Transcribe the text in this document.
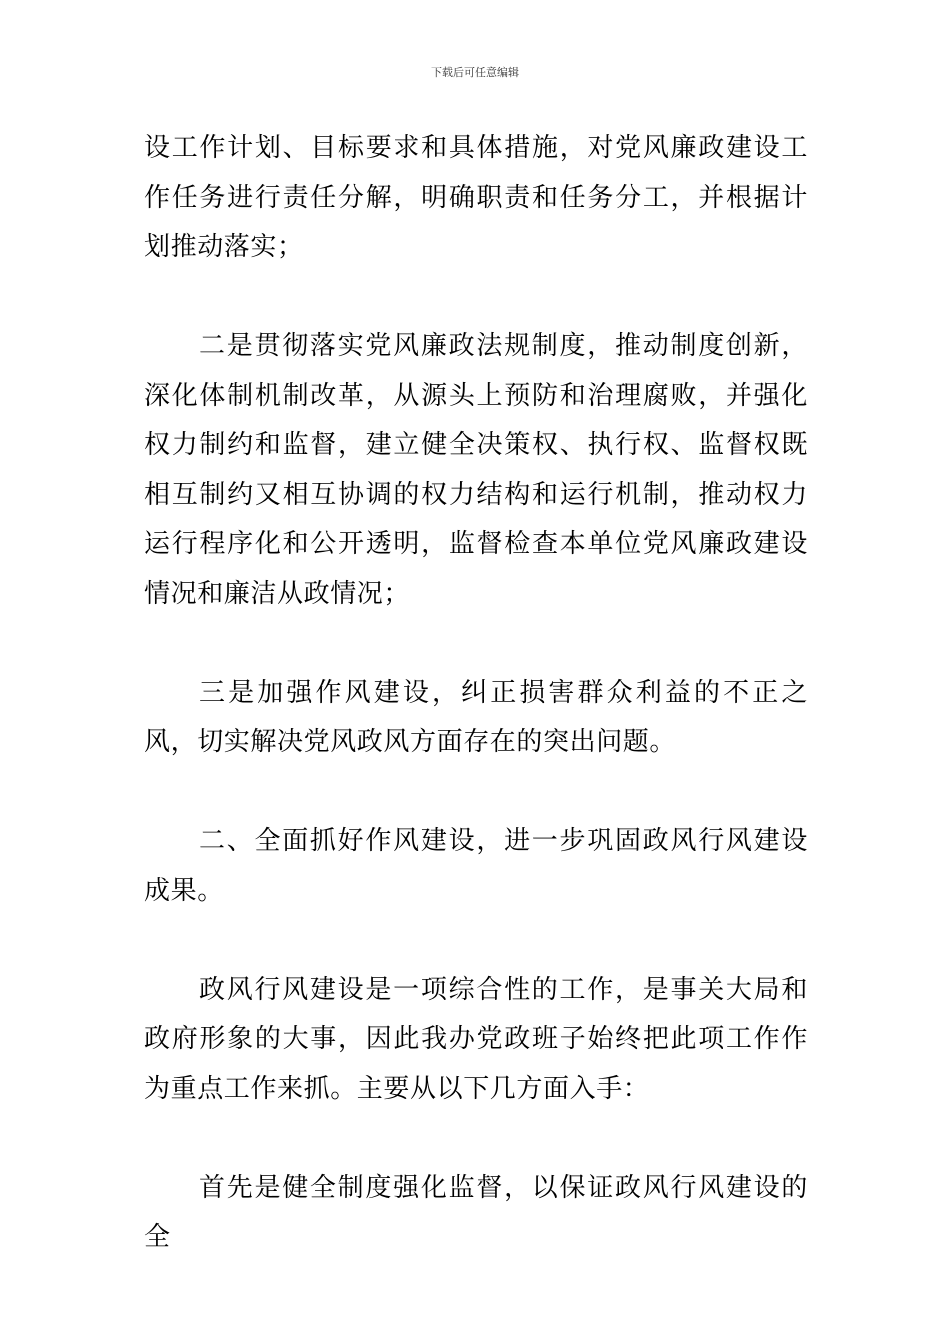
下载后可任意编辑

设工作计划、目标要求和具体措施，对党风廉政建设工作任务进行责任分解，明确职责和任务分工，并根据计划推动落实；

二是贯彻落实党风廉政法规制度，推动制度创新，深化体制机制改革，从源头上预防和治理腐败，并强化权力制约和监督，建立健全决策权、执行权、监督权既相互制约又相互协调的权力结构和运行机制，推动权力运行程序化和公开透明，监督检查本单位党风廉政建设情况和廉洁从政情况；

三是加强作风建设，纠正损害群众利益的不正之风，切实解决党风政风方面存在的突出问题。

二、全面抓好作风建设，进一步巩固政风行风建设成果。

政风行风建设是一项综合性的工作，是事关大局和政府形象的大事，因此我办党政班子始终把此项工作作为重点工作来抓。主要从以下几方面入手：

首先是健全制度强化监督，以保证政风行风建设的全
